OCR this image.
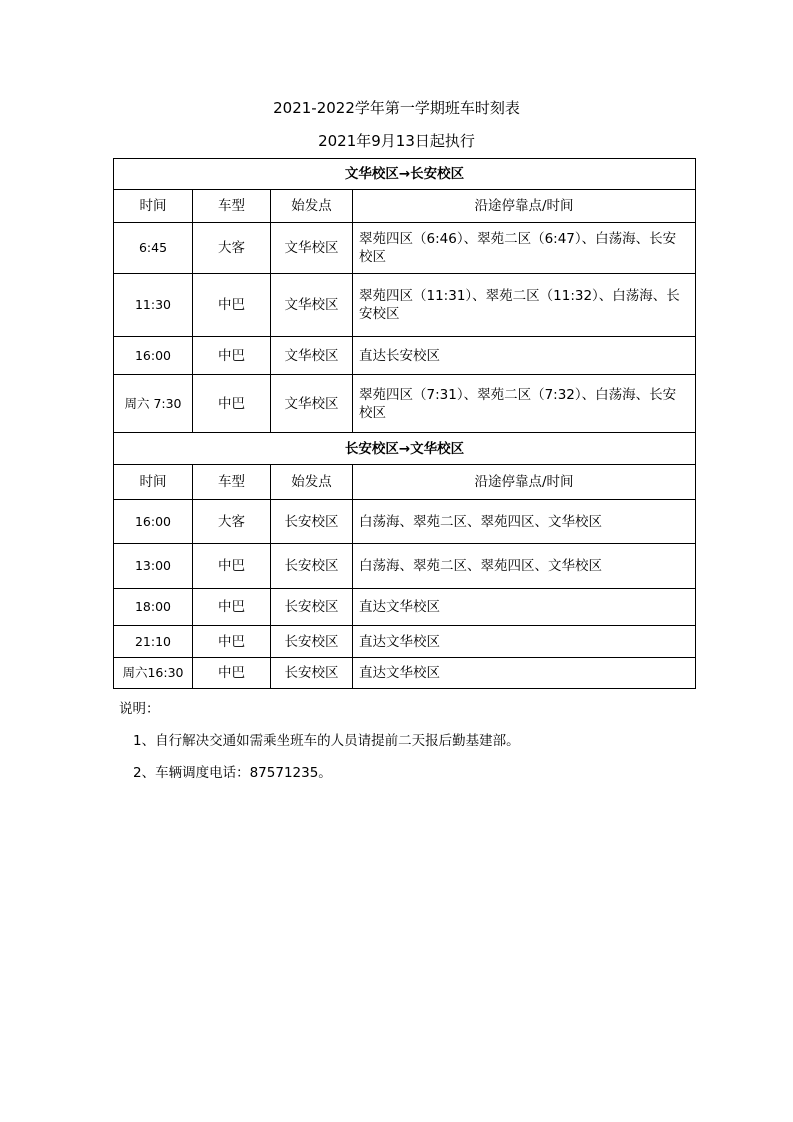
2021-2022学年第一学期班车时刻表
2021年9月13日起执行
文华校区→长安校区			
时间	车型	始发点	沿途停靠点/时间
6:45	大客	文华校区	翠苑四区（6:46）、翠苑二区（6:47）、白荡海、长安校区
11:30	中巴	文华校区	翠苑四区（11:31）、翠苑二区（11:32）、白荡海、长安校区
16:00	中巴	文华校区	直达长安校区
周六 7:30	中巴	文华校区	翠苑四区（7:31）、翠苑二区（7:32）、白荡海、长安校区
长安校区→文华校区			
时间	车型	始发点	沿途停靠点/时间
16:00	大客	长安校区	白荡海、翠苑二区、翠苑四区、文华校区
13:00	中巴	长安校区	白荡海、翠苑二区、翠苑四区、文华校区
18:00	中巴	长安校区	直达文华校区
21:10	中巴	长安校区	直达文华校区
周六16:30	中巴	长安校区	直达文华校区
说明：
1、自行解决交通如需乘坐班车的人员请提前二天报后勤基建部。
2、车辆调度电话：87571235。
